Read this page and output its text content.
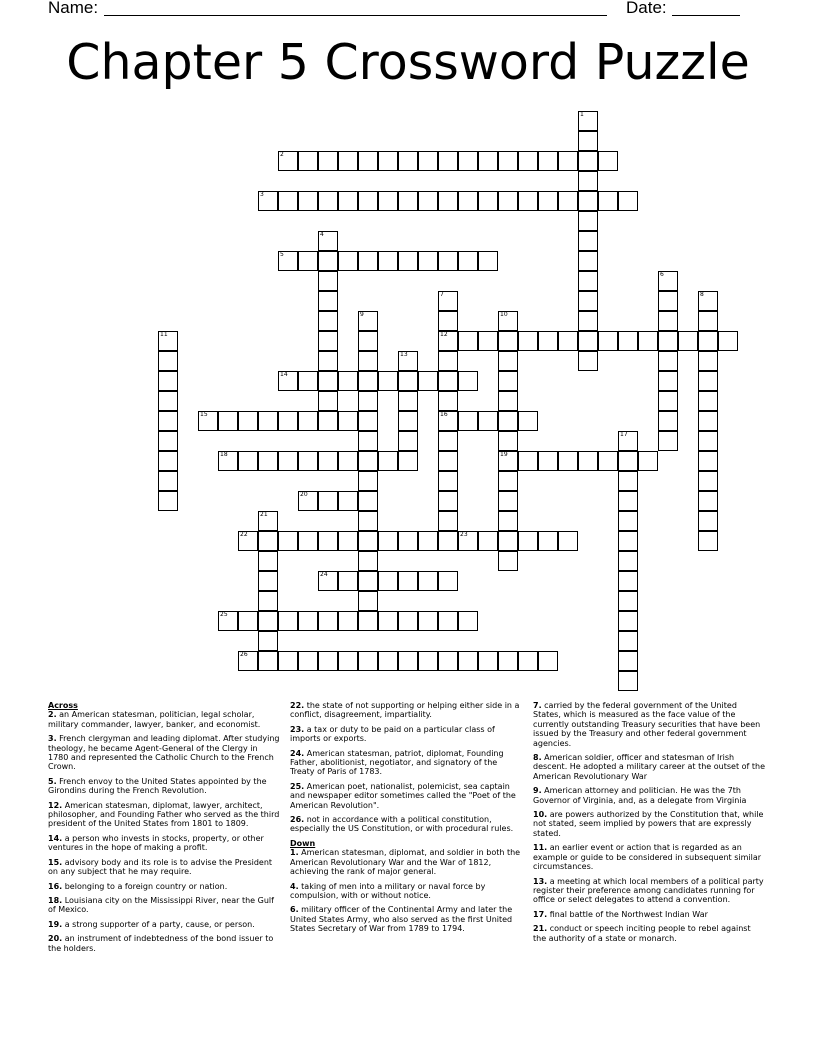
Name:	Date:
Chapter 5 Crossword Puzzle
1
2
3
4
5
6
7
12
16
8
9	10
19
11
13
14
15
17
18
20
21
22	23
24
25
26

Across

2. an American statesman, politician, legal scholar, military commander, lawyer, banker, and economist.

3. French clergyman and leading diplomat. After studying theology, he became Agent-General of the Clergy in 1780 and represented the Catholic Church to the French Crown.

5. French envoy to the United States appointed by the Girondins during the French Revolution.

12. American statesman, diplomat, lawyer, architect, philosopher, and Founding Father who served as the third president of the United States from 1801 to 1809.

14. a person who invests in stocks, property, or other ventures in the hope of making a profit.

15. advisory body and its role is to advise the President on any subject that he may require.

16. belonging to a foreign country or nation.

18. Louisiana city on the Mississippi River, near the Gulf of Mexico.

19. a strong supporter of a party, cause, or person.

20. an instrument of indebtedness of the bond issuer to the holders.

22. the state of not supporting or helping either side in a conflict, disagreement, impartiality.

23. a tax or duty to be paid on a particular class of imports or exports.

24. American statesman, patriot, diplomat, Founding Father, abolitionist, negotiator, and signatory of the Treaty of Paris of 1783.

25. American poet, nationalist, polemicist, sea captain and newspaper editor sometimes called the "Poet of the American Revolution".

26. not in accordance with a political constitution, especially the US Constitution, or with procedural rules.

Down

1. American statesman, diplomat, and soldier in both the American Revolutionary War and the War of 1812, achieving the rank of major general.

4. taking of men into a military or naval force by compulsion, with or without notice.

6. military officer of the Continental Army and later the United States Army, who also served as the first United States Secretary of War from 1789 to 1794.

7. carried by the federal government of the United States, which is measured as the face value of the currently outstanding Treasury securities that have been issued by the Treasury and other federal government agencies.

8. American soldier, officer and statesman of Irish descent. He adopted a military career at the outset of the American Revolutionary War

9. American attorney and politician. He was the 7th Governor of Virginia, and, as a delegate from Virginia

10. are powers authorized by the Constitution that, while not stated, seem implied by powers that are expressly stated.

11. an earlier event or action that is regarded as an example or guide to be considered in subsequent similar circumstances.

13. a meeting at which local members of a political party register their preference among candidates running for office or select delegates to attend a convention.

17. final battle of the Northwest Indian War

21. conduct or speech inciting people to rebel against the authority of a state or monarch.
